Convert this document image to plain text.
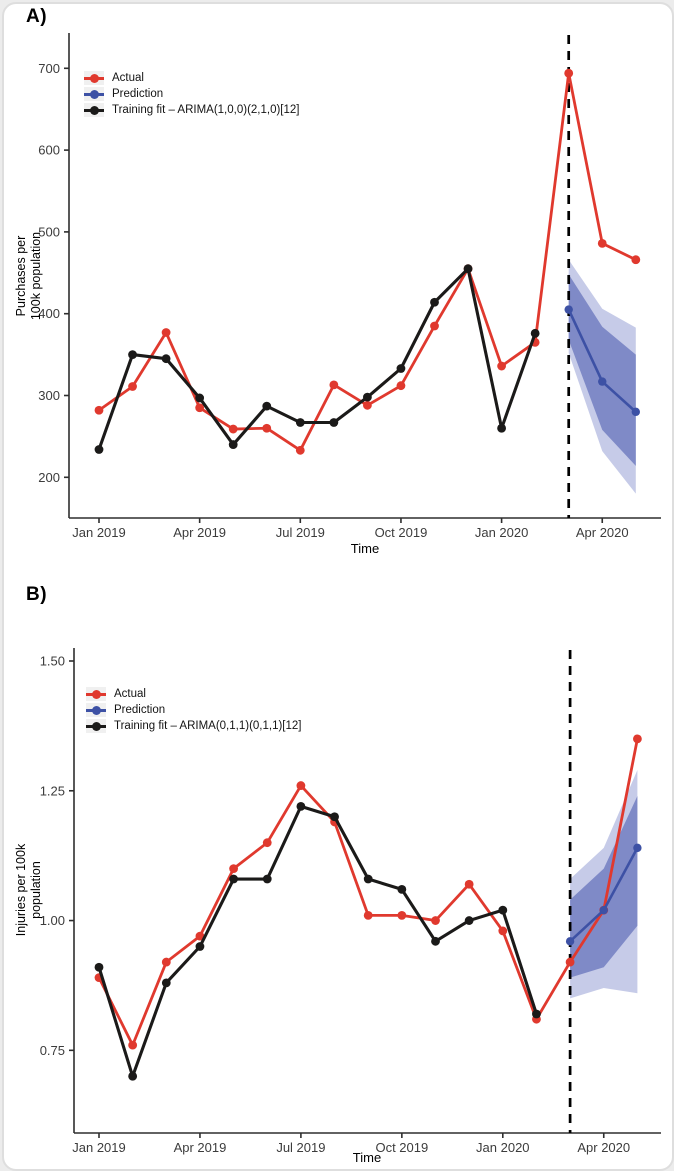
200
300
400
500
600
700
Jan 2019	Apr 2019	Jul 2019	Oct 2019	Jan 2020	Apr 2020
0.75
1.00
1.25
1.50
Jan 2019	Apr 2019	Jul 2019	Oct 2019	Jan 2020	Apr 2020
A)
B)
Purchases per 100k population
Injuries per 100k population
Time
Time
Actual
Prediction
Training fit – ARIMA(1,0,0)(2,1,0)[12]
Actual
Prediction
Training fit – ARIMA(0,1,1)(0,1,1)[12]
